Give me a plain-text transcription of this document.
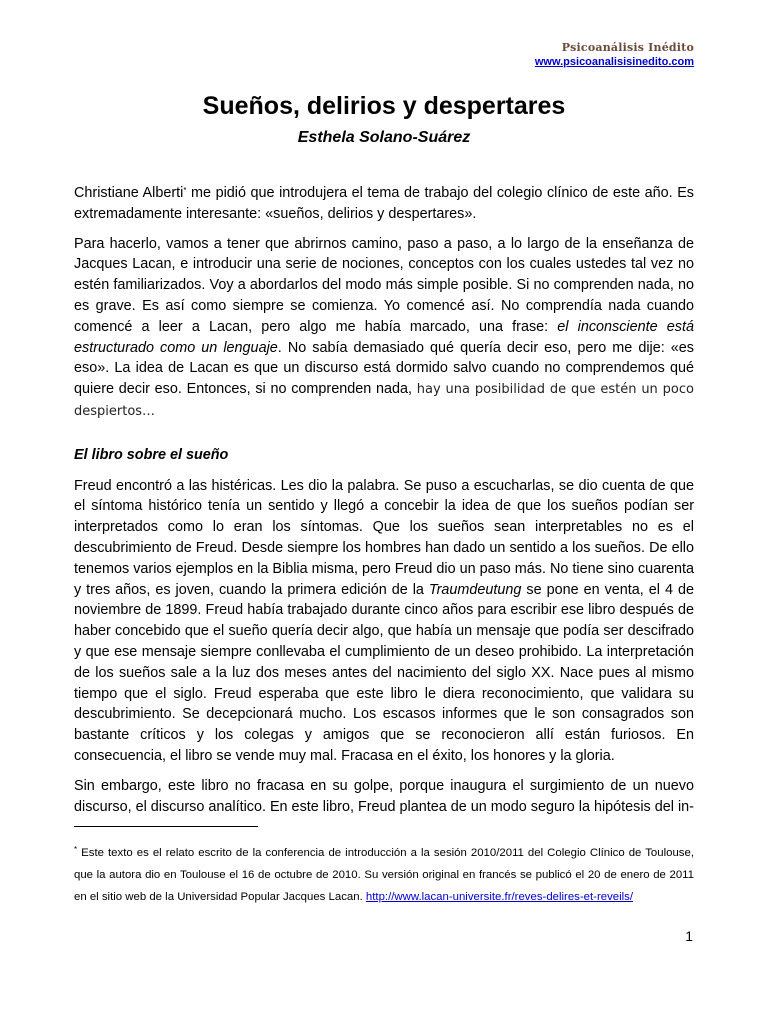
Psicoanálisis Inédito
www.psicoanalisisinedito.com
Sueños, delirios y despertares
Esthela Solano-Suárez

Christiane Alberti* me pidió que introdujera el tema de trabajo del colegio clínico de este año. Es extremadamente interesante: «sueños, delirios y despertares».

Para hacerlo, vamos a tener que abrirnos camino, paso a paso, a lo largo de la enseñanza de Jacques Lacan, e introducir una serie de nociones, conceptos con los cuales ustedes tal vez no estén familiarizados. Voy a abordarlos del modo más simple posible. Si no comprenden nada, no es grave. Es así como siempre se comienza. Yo comencé así. No comprendía nada cuando comencé a leer a Lacan, pero algo me había marcado, una frase: el inconsciente está estructurado como un lenguaje. No sabía demasiado qué quería decir eso, pero me dije: «es eso». La idea de Lacan es que un discurso está dormido salvo cuando no comprendemos qué quiere decir eso. Entonces, si no comprenden nada, hay una posibilidad de que estén un poco despiertos…

El libro sobre el sueño

Freud encontró a las histéricas. Les dio la palabra. Se puso a escucharlas, se dio cuenta de que el síntoma histórico tenía un sentido y llegó a concebir la idea de que los sueños podían ser interpretados como lo eran los síntomas. Que los sueños sean interpretables no es el descubrimiento de Freud. Desde siempre los hombres han dado un sentido a los sueños. De ello tenemos varios ejemplos en la Biblia misma, pero Freud dio un paso más. No tiene sino cuarenta y tres años, es joven, cuando la primera edición de la Traumdeutung se pone en venta, el 4 de noviembre de 1899. Freud había trabajado durante cinco años para escribir ese libro después de haber concebido que el sueño quería decir algo, que había un mensaje que podía ser descifrado y que ese mensaje siempre conllevaba el cumplimiento de un deseo prohibido. La interpretación de los sueños sale a la luz dos meses antes del nacimiento del siglo XX. Nace pues al mismo tiempo que el siglo. Freud esperaba que este libro le diera reconocimiento, que validara su descubrimiento. Se decepcionará mucho. Los escasos informes que le son consagrados son bastante críticos y los colegas y amigos que se reconocieron allí están furiosos. En consecuencia, el libro se vende muy mal. Fracasa en el éxito, los honores y la gloria.

Sin embargo, este libro no fracasa en su golpe, porque inaugura el surgimiento de un nuevo discurso, el discurso analítico. En este libro, Freud plantea de un modo seguro la hipótesis del in-

* Este texto es el relato escrito de la conferencia de introducción a la sesión 2010/2011 del Colegio Clínico de Toulouse, que la autora dio en Toulouse el 16 de octubre de 2010. Su versión original en francés se publicó el 20 de enero de 2011 en el sitio web de la Universidad Popular Jacques Lacan. http://www.lacan-universite.fr/reves-delires-et-reveils/
1
